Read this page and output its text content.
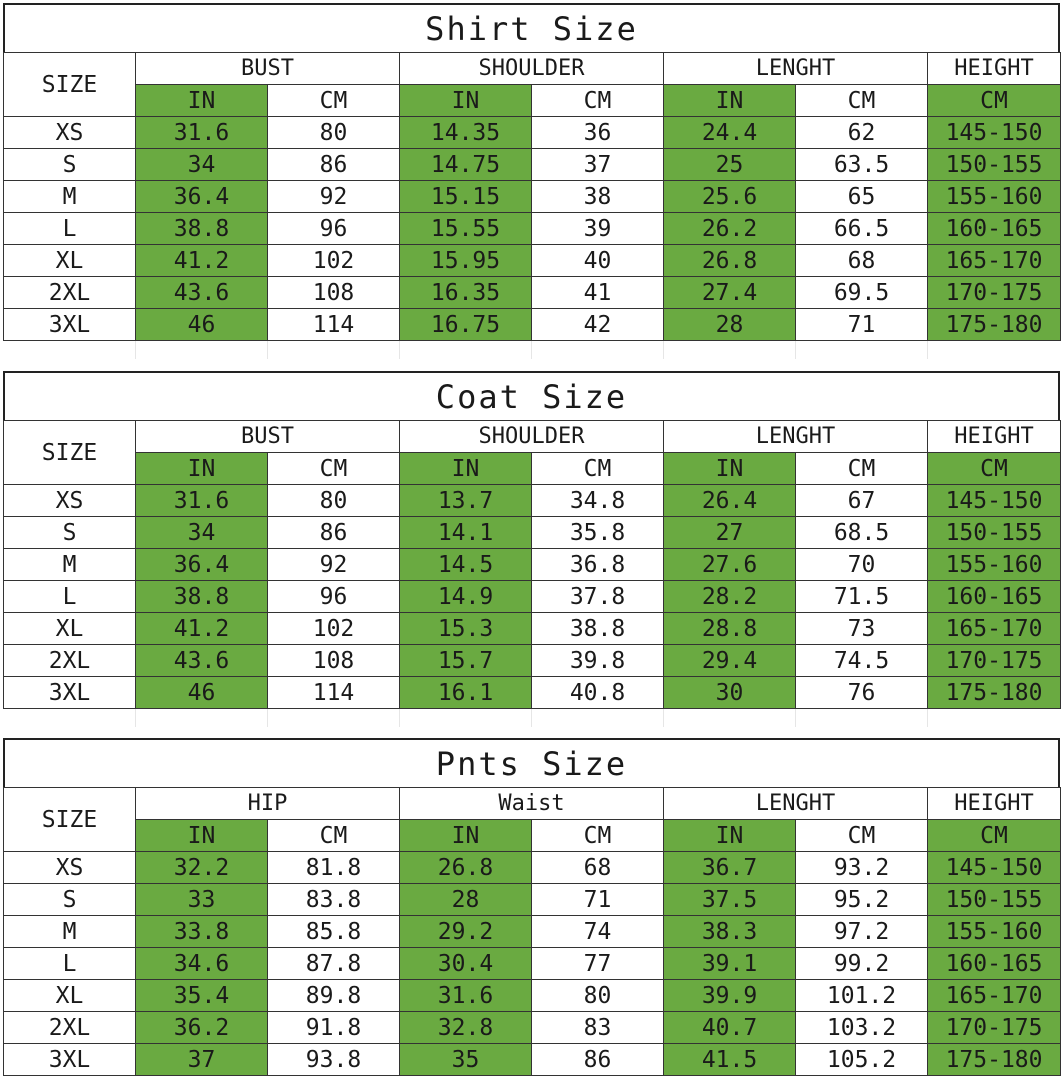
Shirt Size
SIZE	BUST		SHOULDER		LENGHT		HEIGHT
	IN	CM	IN	CM	IN	CM	CM
XS	31.6	80	14.35	36	24.4	62	145-150
S	34	86	14.75	37	25	63.5	150-155
M	36.4	92	15.15	38	25.6	65	155-160
L	38.8	96	15.55	39	26.2	66.5	160-165
XL	41.2	102	15.95	40	26.8	68	165-170
2XL	43.6	108	16.35	41	27.4	69.5	170-175
3XL	46	114	16.75	42	28	71	175-180

Coat Size
SIZE	BUST		SHOULDER		LENGHT		HEIGHT
	IN	CM	IN	CM	IN	CM	CM
XS	31.6	80	13.7	34.8	26.4	67	145-150
S	34	86	14.1	35.8	27	68.5	150-155
M	36.4	92	14.5	36.8	27.6	70	155-160
L	38.8	96	14.9	37.8	28.2	71.5	160-165
XL	41.2	102	15.3	38.8	28.8	73	165-170
2XL	43.6	108	15.7	39.8	29.4	74.5	170-175
3XL	46	114	16.1	40.8	30	76	175-180

Pnts Size
SIZE	HIP		Waist		LENGHT		HEIGHT
	IN	CM	IN	CM	IN	CM	CM
XS	32.2	81.8	26.8	68	36.7	93.2	145-150
S	33	83.8	28	71	37.5	95.2	150-155
M	33.8	85.8	29.2	74	38.3	97.2	155-160
L	34.6	87.8	30.4	77	39.1	99.2	160-165
XL	35.4	89.8	31.6	80	39.9	101.2	165-170
2XL	36.2	91.8	32.8	83	40.7	103.2	170-175
3XL	37	93.8	35	86	41.5	105.2	175-180
